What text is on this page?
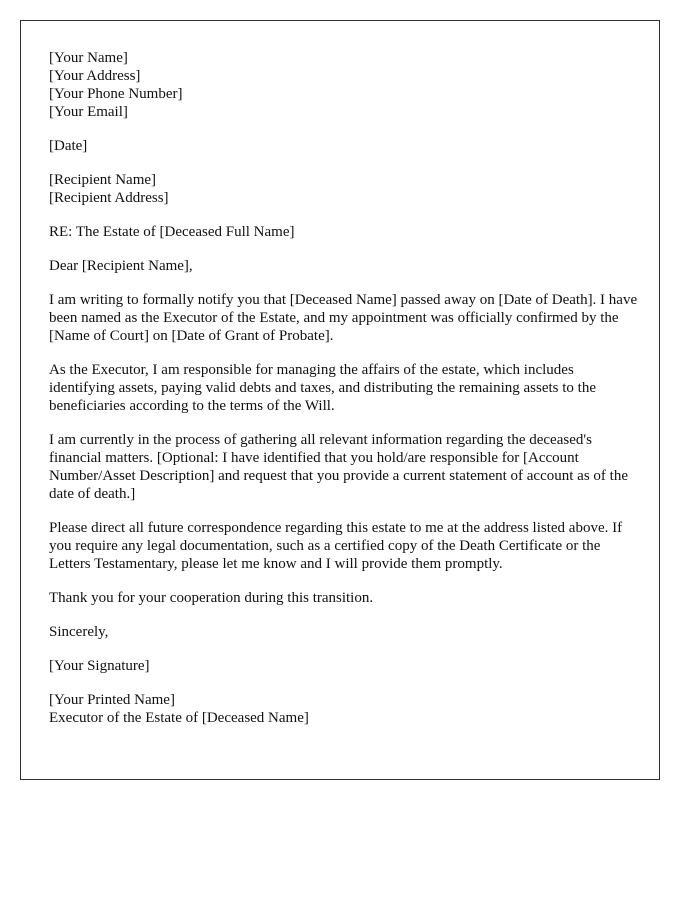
[Your Name]
[Your Address]
[Your Phone Number]
[Your Email]
[Date]
[Recipient Name]
[Recipient Address]
RE: The Estate of [Deceased Full Name]
Dear [Recipient Name],

I am writing to formally notify you that [Deceased Name] passed away on [Date of Death]. I have been named as the Executor of the Estate, and my appointment was officially confirmed by the [Name of Court] on [Date of Grant of Probate].

As the Executor, I am responsible for managing the affairs of the estate, which includes identifying assets, paying valid debts and taxes, and distributing the remaining assets to the beneficiaries according to the terms of the Will.

I am currently in the process of gathering all relevant information regarding the deceased's financial matters. [Optional: I have identified that you hold/are responsible for [Account Number/Asset Description] and request that you provide a current statement of account as of the date of death.]

Please direct all future correspondence regarding this estate to me at the address listed above. If you require any legal documentation, such as a certified copy of the Death Certificate or the Letters Testamentary, please let me know and I will provide them promptly.

Thank you for your cooperation during this transition.

Sincerely,
[Your Signature]
[Your Printed Name]
Executor of the Estate of [Deceased Name]
